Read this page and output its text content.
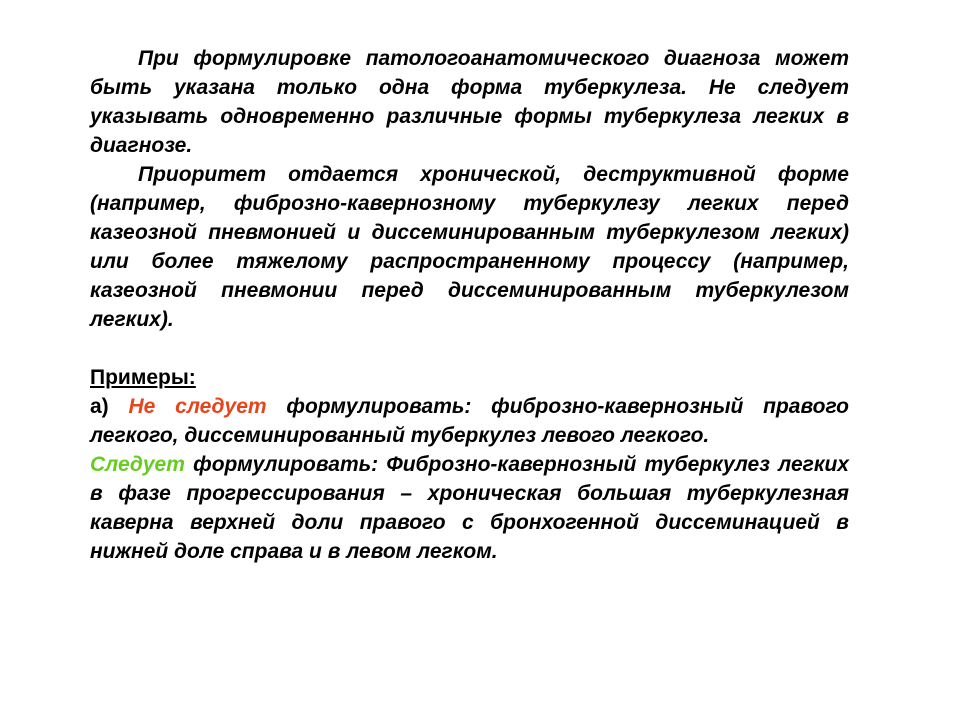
При формулировке патологоанатомического диагноза может быть указана только одна форма туберкулеза. Не следует указывать одновременно различные формы туберкулеза легких в диагнозе.

Приоритет отдается хронической, деструктивной форме (например, фиброзно-кавернозному туберкулезу легких перед казеозной пневмонией и диссеминированным туберкулезом легких) или более тяжелому распространенному процессу (например, казеозной пневмонии перед диссеминированным туберкулезом легких).

Примеры:

а) Не следует формулировать: фиброзно-кавернозный правого легкого, диссеминированный туберкулез левого легкого.

Следует формулировать: Фиброзно-кавернозный туберкулез легких в фазе прогрессирования – хроническая большая туберкулезная каверна верхней доли правого с бронхогенной диссеминацией в нижней доле справа и в левом легком.
